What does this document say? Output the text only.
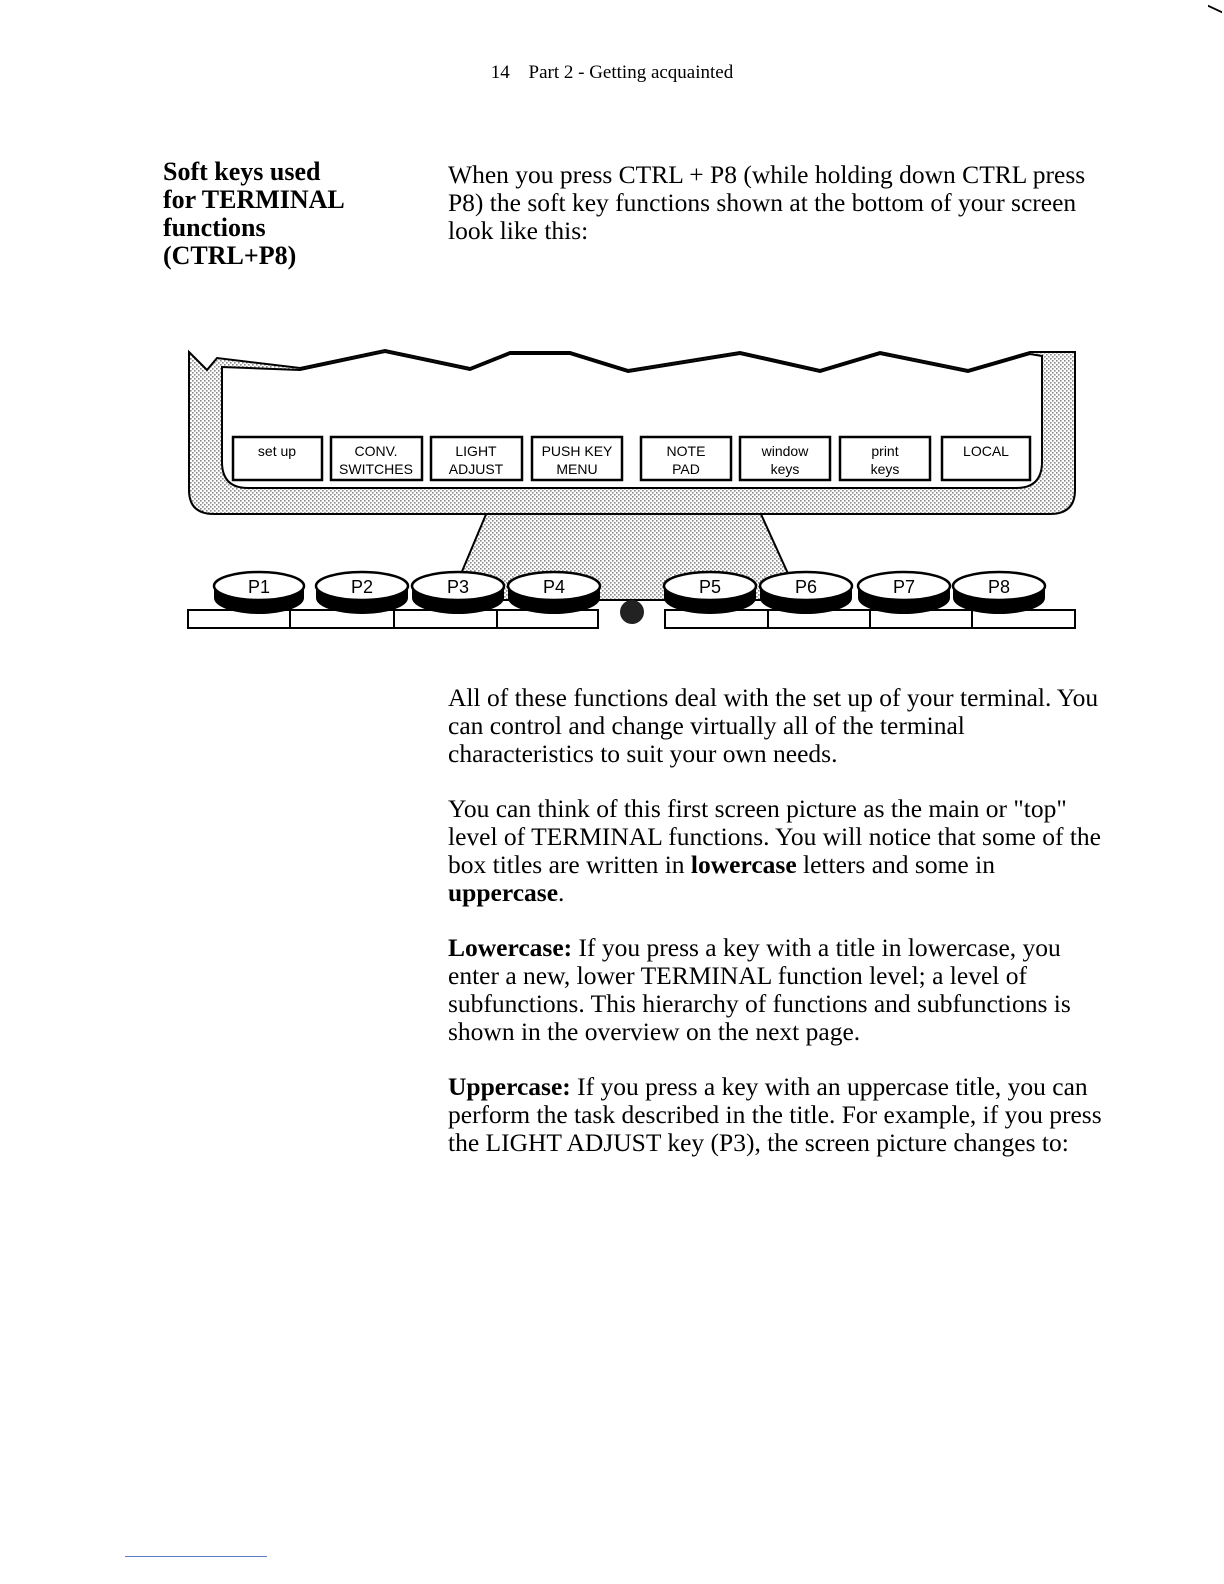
14 Part 2 - Getting acquainted
Soft keys used
for TERMINAL
functions
(CTRL+P8)

When you press CTRL + P8 (while holding down CTRL press P8) the soft key functions shown at the bottom of your screen look like this:

set up	CONV.
SWITCHES
LIGHT
ADJUST
PUSH KEY
MENU
NOTE
PAD
window
keys
print
keys
LOCAL
P1	P2	P3	P4	P5	P6	P7	P8

All of these functions deal with the set up of your terminal. You can control and change virtually all of the terminal characteristics to suit your own needs.

You can think of this first screen picture as the main or "top" level of TERMINAL functions. You will notice that some of the box titles are written in lowercase letters and some in uppercase.

Lowercase: If you press a key with a title in lowercase, you enter a new, lower TERMINAL function level; a level of subfunctions. This hierarchy of functions and subfunctions is shown in the overview on the next page.

Uppercase: If you press a key with an uppercase title, you can perform the task described in the title. For example, if you press the LIGHT ADJUST key (P3), the screen picture changes to:
